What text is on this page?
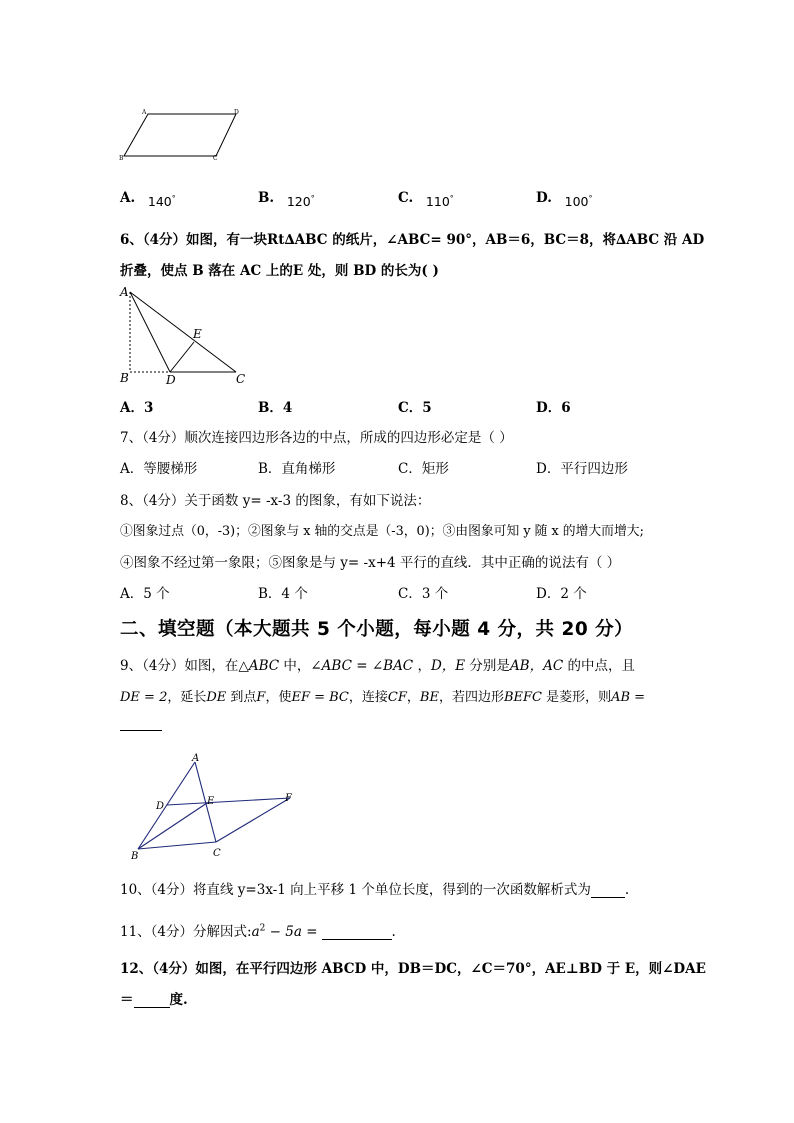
A	D
B	C
A. 140°	B. 120°	C. 110°	D. 100°
6、（4分）如图，有一块Rt∆ABC 的纸片，∠ABC= 90°，AB＝6，BC＝8，将∆ABC 沿 AD
折叠，使点 B 落在 AC 上的E 处，则 BD 的长为( )
A
E
B	D	C
A．3	B．4	C．5	D．6
7、（4分）顺次连接四边形各边的中点，所成的四边形必定是（ ）
A．等腰梯形	B．直角梯形	C．矩形	D．平行四边形
8、（4分）关于函数 y= -x-3 的图象，有如下说法：
①图象过点（0，-3)；②图象与 x 轴的交点是（-3，0)；③由图象可知 y 随 x 的增大而增大;
④图象不经过第一象限；⑤图象是与 y= -x+4 平行的直线．其中正确的说法有（ ）
A．5 个	B．4 个	C．3 个	D．2 个
二、填空题（本大题共 5 个小题，每小题 4 分，共 20 分）
9、（4分）如图，在△ABC 中，∠ABC = ∠BAC ，D，E 分别是AB，AC 的中点，且
DE = 2，延长DE 到点F，使EF = BC，连接CF，BE，若四边形BEFC 是菱形，则AB =
A
D	E	F
B	C
10、（4分）将直线 y=3x-1 向上平移 1 个单位长度，得到的一次函数解析式为	.
11、（4分）分解因式$:a^2 - 5a$ =	.
12、（4分）如图，在平行四边形 ABCD 中，DB＝DC，∠C＝70°，AE⊥BD 于 E，则∠DAE
＝	度.
